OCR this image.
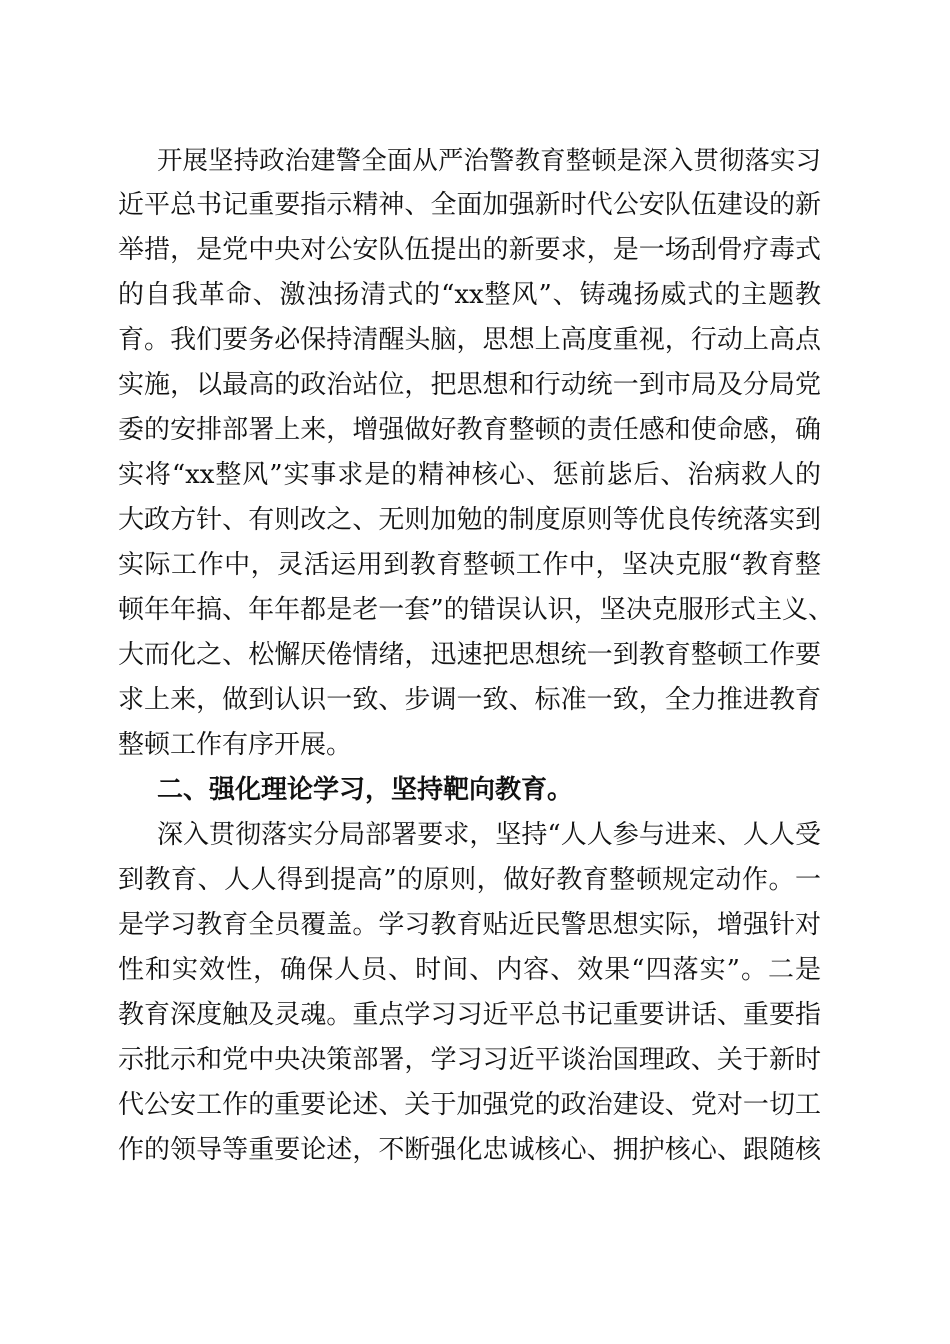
开展坚持政治建警全面从严治警教育整顿是深入贯彻落实习
近平总书记重要指示精神、全面加强新时代公安队伍建设的新
举措，是党中央对公安队伍提出的新要求，是一场刮骨疗毒式
的自我革命、激浊扬清式的“xx整风”、铸魂扬威式的主题教
育。我们要务必保持清醒头脑，思想上高度重视，行动上高点
实施，以最高的政治站位，把思想和行动统一到市局及分局党
委的安排部署上来，增强做好教育整顿的责任感和使命感，确
实将“xx整风”实事求是的精神核心、惩前毖后、治病救人的
大政方针、有则改之、无则加勉的制度原则等优良传统落实到
实际工作中，灵活运用到教育整顿工作中，坚决克服“教育整
顿年年搞、年年都是老一套”的错误认识，坚决克服形式主义、
大而化之、松懈厌倦情绪，迅速把思想统一到教育整顿工作要
求上来，做到认识一致、步调一致、标准一致，全力推进教育
整顿工作有序开展。
二、强化理论学习，坚持靶向教育。
深入贯彻落实分局部署要求，坚持“人人参与进来、人人受
到教育、人人得到提高”的原则，做好教育整顿规定动作。一
是学习教育全员覆盖。学习教育贴近民警思想实际，增强针对
性和实效性，确保人员、时间、内容、效果“四落实”。二是
教育深度触及灵魂。重点学习习近平总书记重要讲话、重要指
示批示和党中央决策部署，学习习近平谈治国理政、关于新时
代公安工作的重要论述、关于加强党的政治建设、党对一切工
作的领导等重要论述，不断强化忠诚核心、拥护核心、跟随核
